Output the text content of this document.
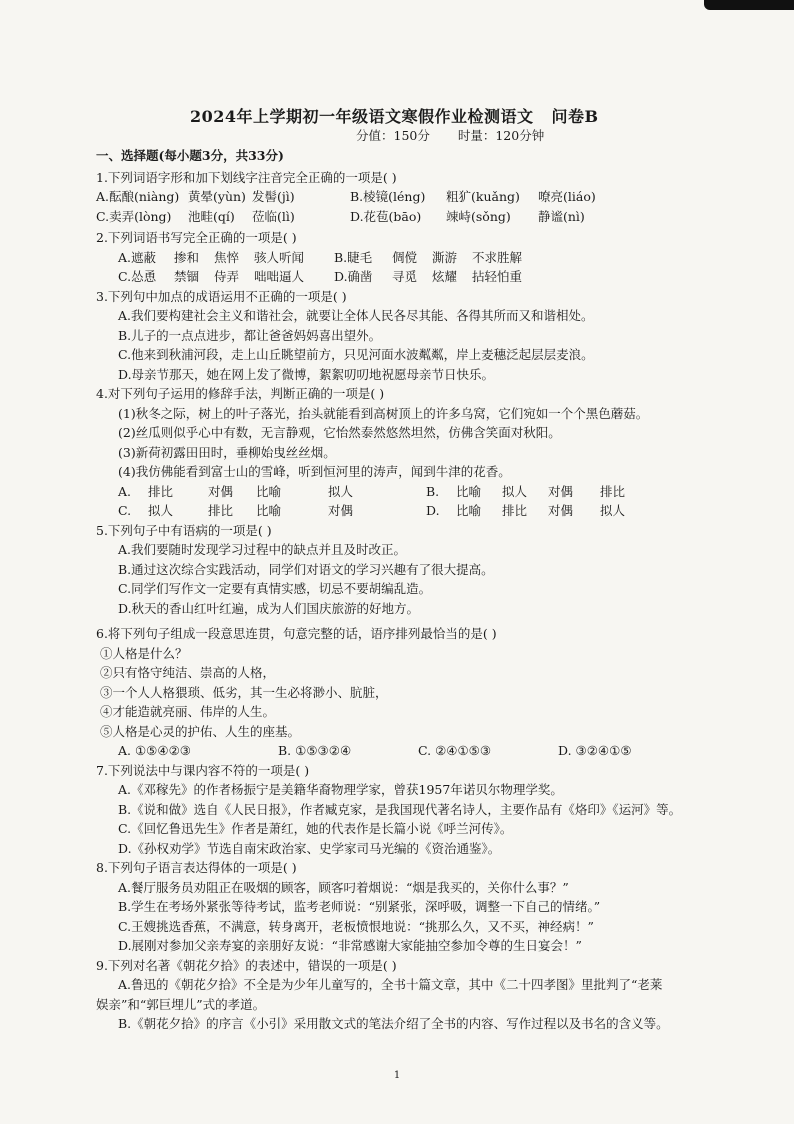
2024年上学期初一年级语文寒假作业检测语文 问卷B
分值：150分 时量：120分钟
一、选择题(每小题3分，共33分)
1.下列词语字形和加下划线字注音完全正确的一项是( )
A.酝酿(niàng) 黄晕(yùn) 发髻(jì)	B.棱镜(léng)	粗犷(kuǎng)	嘹亮(liáo)
C.卖弄(lòng)	池畦(qí)	莅临(lì)	D.花苞(bāo)	竦峙(sǒng)	静谧(nì)
2.下列词语书写完全正确的一项是( )
A.遮蔽	掺和	焦悴	骇人听闻	B.睫毛	倜傥	澌游	不求胜解
C.怂恿	禁锢	侍弄	咄咄逼人	D.确凿	寻觅	炫耀	拈轻怕重
3.下列句中加点的成语运用不正确的一项是( )
A.我们要构建社会主义和谐社会，就要让全体人民各尽其能、各得其所而又和谐相处。
B.儿子的一点点进步，都让爸爸妈妈喜出望外。
C.他来到秋浦河段，走上山丘眺望前方，只见河面水波粼粼，岸上麦穗泛起层层麦浪。
D.母亲节那天，她在网上发了微博，絮絮叨叨地祝愿母亲节日快乐。
4.对下列句子运用的修辞手法，判断正确的一项是( )
(1)秋冬之际，树上的叶子落光，抬头就能看到高树顶上的许多乌窝，它们宛如一个个黑色蘑菇。
(2)丝瓜则似乎心中有数，无言静观，它怡然泰然悠然坦然，仿佛含笑面对秋阳。
(3)新荷初露田田时，垂柳始曳丝丝烟。
(4)我仿佛能看到富士山的雪峰，听到恒河里的涛声，闻到牛津的花香。
A.	排比	对偶	比喻	拟人	B.	比喻	拟人	对偶	排比
C.	拟人	排比	比喻	对偶	D.	比喻	排比	对偶	拟人
5.下列句子中有语病的一项是( )
A.我们要随时发现学习过程中的缺点并且及时改正。
B.通过这次综合实践活动，同学们对语文的学习兴趣有了很大提高。
C.同学们写作文一定要有真情实感，切忌不要胡编乱造。
D.秋天的香山红叶红遍，成为人们国庆旅游的好地方。
6.将下列句子组成一段意思连贯，句意完整的话，语序排列最恰当的是( )
①人格是什么？
②只有恪守纯洁、崇高的人格，
③一个人人格猥琐、低劣，其一生必将渺小、肮脏，
④才能造就亮丽、伟岸的人生。
⑤人格是心灵的护佑、人生的座基。
A. ①⑤④②③	B. ①⑤③②④	C. ②④①⑤③	D. ③②④①⑤
7.下列说法中与课内容不符的一项是( )
A.《邓稼先》的作者杨振宁是美籍华裔物理学家，曾获1957年诺贝尔物理学奖。
B.《说和做》选自《人民日报》，作者臧克家，是我国现代著名诗人，主要作品有《烙印》《运河》等。
C.《回忆鲁迅先生》作者是萧红，她的代表作是长篇小说《呼兰河传》。
D.《孙权劝学》节选自南宋政治家、史学家司马光编的《资治通鉴》。
8.下列句子语言表达得体的一项是( )
A.餐厅服务员劝阻正在吸烟的顾客，顾客叼着烟说：“烟是我买的，关你什么事？”
B.学生在考场外紧张等待考试，监考老师说：“别紧张，深呼吸，调整一下自己的情绪。”
C.王嫂挑选香蕉，不满意，转身离开，老板愤恨地说：“挑那么久，又不买，神经病！”
D.展刚对参加父亲寿宴的亲朋好友说：“非常感谢大家能抽空参加令尊的生日宴会！”
9.下列对名著《朝花夕拾》的表述中，错误的一项是( )
A.鲁迅的《朝花夕拾》不全是为少年儿童写的，全书十篇文章，其中《二十四孝图》里批判了“老莱
娱亲”和“郭巨埋儿”式的孝道。
B.《朝花夕拾》的序言《小引》采用散文式的笔法介绍了全书的内容、写作过程以及书名的含义等。
1
